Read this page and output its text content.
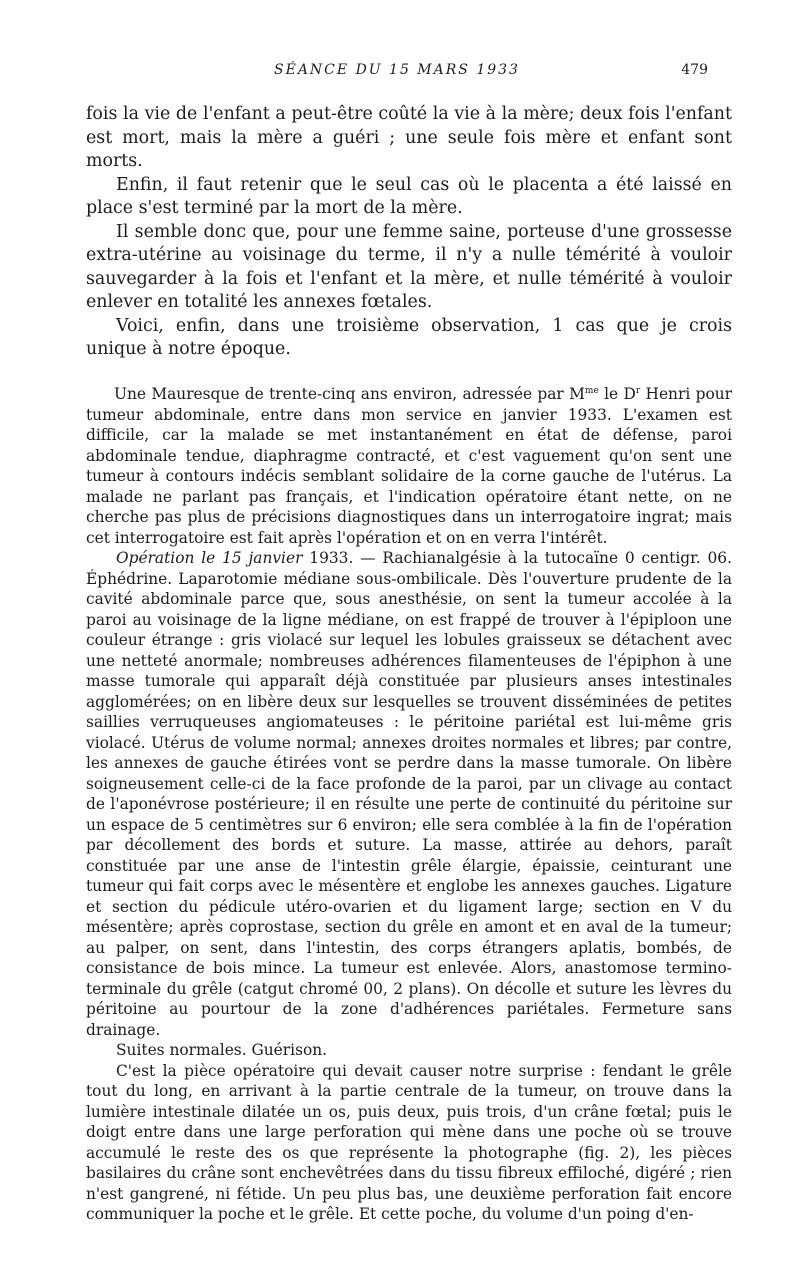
SÉANCE DU 15 MARS 1933	479

fois la vie de l'enfant a peut-être coûté la vie à la mère; deux fois l'enfant est mort, mais la mère a guéri ; une seule fois mère et enfant sont morts.

Enfin, il faut retenir que le seul cas où le placenta a été laissé en place s'est terminé par la mort de la mère.

Il semble donc que, pour une femme saine, porteuse d'une grossesse extra-utérine au voisinage du terme, il n'y a nulle témérité à vouloir sauvegarder à la fois et l'enfant et la mère, et nulle témérité à vouloir enlever en totalité les annexes fœtales.

Voici, enfin, dans une troisième observation, 1 cas que je crois unique à notre époque.

Une Mauresque de trente-cinq ans environ, adressée par $M^{me}$ le $D^r$ Henri pour tumeur abdominale, entre dans mon service en janvier 1933. L'examen est difficile, car la malade se met instantanément en état de défense, paroi abdominale tendue, diaphragme contracté, et c'est vaguement qu'on sent une tumeur à contours indécis semblant solidaire de la corne gauche de l'utérus. La malade ne parlant pas français, et l'indication opératoire étant nette, on ne cherche pas plus de précisions diagnostiques dans un interrogatoire ingrat; mais cet interrogatoire est fait après l'opération et on en verra l'intérêt.

Opération le 15 janvier 1933. — Rachianalgésie à la tutocaïne 0 centigr. 06. Éphédrine. Laparotomie médiane sous-ombilicale. Dès l'ouverture prudente de la cavité abdominale parce que, sous anesthésie, on sent la tumeur accolée à la paroi au voisinage de la ligne médiane, on est frappé de trouver à l'épiploon une couleur étrange : gris violacé sur lequel les lobules graisseux se détachent avec une netteté anormale; nombreuses adhérences filamenteuses de l'épiphon à une masse tumorale qui apparaît déjà constituée par plusieurs anses intestinales agglomérées; on en libère deux sur lesquelles se trouvent disséminées de petites saillies verruqueuses angiomateuses : le péritoine pariétal est lui-même gris violacé. Utérus de volume normal; annexes droites normales et libres; par contre, les annexes de gauche étirées vont se perdre dans la masse tumorale. On libère soigneusement celle-ci de la face profonde de la paroi, par un clivage au contact de l'aponévrose postérieure; il en résulte une perte de continuité du péritoine sur un espace de 5 centimètres sur 6 environ; elle sera comblée à la fin de l'opération par décollement des bords et suture. La masse, attirée au dehors, paraît constituée par une anse de l'intestin grêle élargie, épaissie, ceinturant une tumeur qui fait corps avec le mésentère et englobe les annexes gauches. Ligature et section du pédicule utéro-ovarien et du ligament large; section en V du mésentère; après coprostase, section du grêle en amont et en aval de la tumeur; au palper, on sent, dans l'intestin, des corps étrangers aplatis, bombés, de consistance de bois mince. La tumeur est enlevée. Alors, anastomose termino-terminale du grêle (catgut chromé 00, 2 plans). On décolle et suture les lèvres du péritoine au pourtour de la zone d'adhérences pariétales. Fermeture sans drainage.

Suites normales. Guérison.

C'est la pièce opératoire qui devait causer notre surprise : fendant le grêle tout du long, en arrivant à la partie centrale de la tumeur, on trouve dans la lumière intestinale dilatée un os, puis deux, puis trois, d'un crâne fœtal; puis le doigt entre dans une large perforation qui mène dans une poche où se trouve accumulé le reste des os que représente la photographe (fig. 2), les pièces basilaires du crâne sont enchevêtrées dans du tissu fibreux effiloché, digéré ; rien n'est gangrené, ni fétide. Un peu plus bas, une deuxième perforation fait encore communiquer la poche et le grêle. Et cette poche, du volume d'un poing d'en-
